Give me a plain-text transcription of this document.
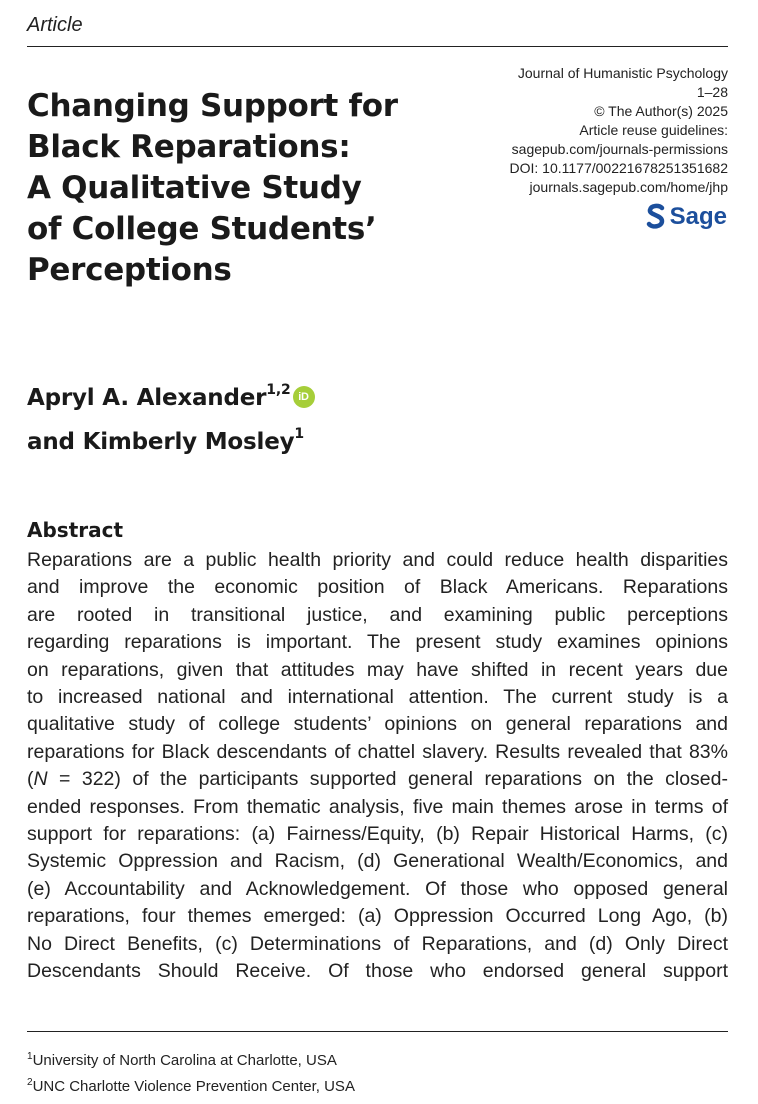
Article
Journal of Humanistic Psychology
1–28
© The Author(s) 2025
Article reuse guidelines:
sagepub.com/journals-permissions
DOI: 10.1177/00221678251351682
journals.sagepub.com/home/jhp
Sage
Changing Support for
Black Reparations:
A Qualitative Study
of College Students’
Perceptions
Apryl A. Alexander$^{1,2}$ iD
and Kimberly Mosley$^1$
Abstract
Reparations are a public health priority and could reduce health disparities
and improve the economic position of Black Americans. Reparations
are rooted in transitional justice, and examining public perceptions
regarding reparations is important. The present study examines opinions
on reparations, given that attitudes may have shifted in recent years due
to increased national and international attention. The current study is a
qualitative study of college students’ opinions on general reparations and
reparations for Black descendants of chattel slavery. Results revealed that 83%
(N = 322) of the participants supported general reparations on the closed-
ended responses. From thematic analysis, five main themes arose in terms of
support for reparations: (a) Fairness/Equity, (b) Repair Historical Harms, (c)
Systemic Oppression and Racism, (d) Generational Wealth/Economics, and
(e) Accountability and Acknowledgement. Of those who opposed general
reparations, four themes emerged: (a) Oppression Occurred Long Ago, (b)
No Direct Benefits, (c) Determinations of Reparations, and (d) Only Direct
Descendants Should Receive. Of those who endorsed general support
$^1$University of North Carolina at Charlotte, USA
$^2$UNC Charlotte Violence Prevention Center, USA
